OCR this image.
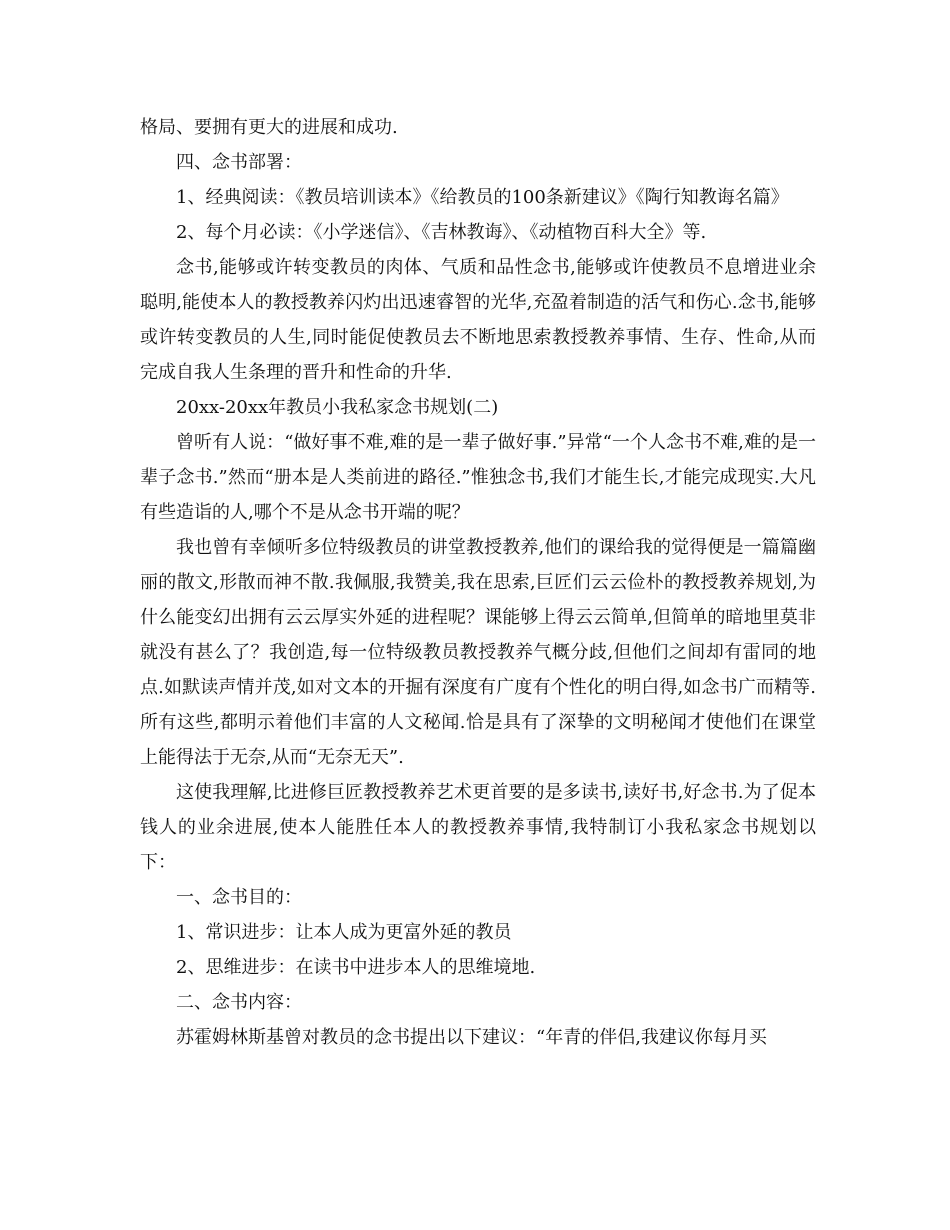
格局、要拥有更大的进展和成功.

四、念书部署：

1、经典阅读：《教员培训读本》《给教员的100条新建议》《陶行知教诲名篇》

2、每个月必读：《小学迷信》、《吉林教诲》、《动植物百科大全》等.

念书,能够或许转变教员的肉体、气质和品性念书,能够或许使教员不息增进业余聪明,能使本人的教授教养闪灼出迅速睿智的光华,充盈着制造的活气和伤心.念书,能够或许转变教员的人生,同时能促使教员去不断地思索教授教养事情、生存、性命,从而完成自我人生条理的晋升和性命的升华.

20xx-20xx年教员小我私家念书规划(二)

曾听有人说：“做好事不难,难的是一辈子做好事.”异常“一个人念书不难,难的是一辈子念书.”然而“册本是人类前进的路径.”惟独念书,我们才能生长,才能完成现实.大凡有些造诣的人,哪个不是从念书开端的呢？

我也曾有幸倾听多位特级教员的讲堂教授教养,他们的课给我的觉得便是一篇篇幽丽的散文,形散而神不散.我佩服,我赞美,我在思索,巨匠们云云俭朴的教授教养规划,为什么能变幻出拥有云云厚实外延的进程呢？课能够上得云云简单,但简单的暗地里莫非就没有甚么了？我创造,每一位特级教员教授教养气概分歧,但他们之间却有雷同的地点.如默读声情并茂,如对文本的开掘有深度有广度有个性化的明白得,如念书广而精等.所有这些,都明示着他们丰富的人文秘闻.恰是具有了深挚的文明秘闻才使他们在课堂上能得法于无奈,从而“无奈无天”.

这使我理解,比进修巨匠教授教养艺术更首要的是多读书,读好书,好念书.为了促本钱人的业余进展,使本人能胜任本人的教授教养事情,我特制订小我私家念书规划以下：

一、念书目的：

1、常识进步：让本人成为更富外延的教员

2、思维进步：在读书中进步本人的思维境地.

二、念书内容：

苏霍姆林斯基曾对教员的念书提出以下建议：“年青的伴侣,我建议你每月买
